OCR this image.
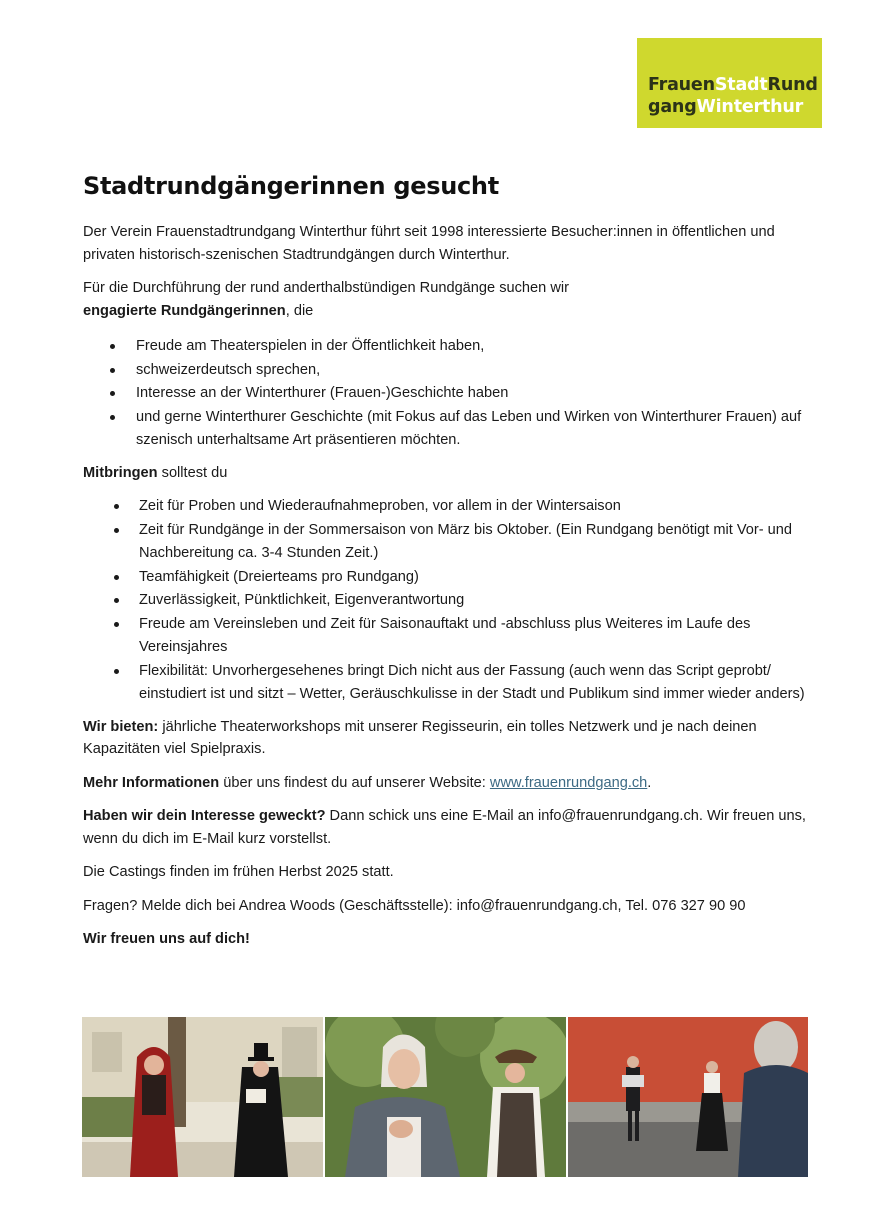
FrauenStadtRund
gangWinterthur
Stadtrundgängerinnen gesucht

Der Verein Frauenstadtrundgang Winterthur führt seit 1998 interessierte Besucher:innen in öffentlichen und privaten historisch-szenischen Stadtrundgängen durch Winterthur.

Für die Durchführung der rund anderthalbstündigen Rundgänge suchen wir
engagierte Rundgängerinnen, die

Freude am Theaterspielen in der Öffentlichkeit haben,
schweizerdeutsch sprechen,
Interesse an der Winterthurer (Frauen-)Geschichte haben
und gerne Winterthurer Geschichte (mit Fokus auf das Leben und Wirken von Winterthurer Frauen) auf szenisch unterhaltsame Art präsentieren möchten.

Mitbringen solltest du

Zeit für Proben und Wiederaufnahmeproben, vor allem in der Wintersaison
Zeit für Rundgänge in der Sommersaison von März bis Oktober. (Ein Rundgang benötigt mit Vor- und Nachbereitung ca. 3-4 Stunden Zeit.)
Teamfähigkeit (Dreierteams pro Rundgang)
Zuverlässigkeit, Pünktlichkeit, Eigenverantwortung
Freude am Vereinsleben und Zeit für Saisonauftakt und -abschluss plus Weiteres im Laufe des Vereinsjahres
Flexibilität: Unvorhergesehenes bringt Dich nicht aus der Fassung (auch wenn das Script geprobt/ einstudiert ist und sitzt – Wetter, Geräuschkulisse in der Stadt und Publikum sind immer wieder anders)

Wir bieten: jährliche Theaterworkshops mit unserer Regisseurin, ein tolles Netzwerk und je nach deinen Kapazitäten viel Spielpraxis.

Mehr Informationen über uns findest du auf unserer Website: www.frauenrundgang.ch.

Haben wir dein Interesse geweckt? Dann schick uns eine E-Mail an info@frauenrundgang.ch. Wir freuen uns, wenn du dich im E-Mail kurz vorstellst.

Die Castings finden im frühen Herbst 2025 statt.

Fragen? Melde dich bei Andrea Woods (Geschäftsstelle): info@frauenrundgang.ch, Tel. 076 327 90 90

Wir freuen uns auf dich!
